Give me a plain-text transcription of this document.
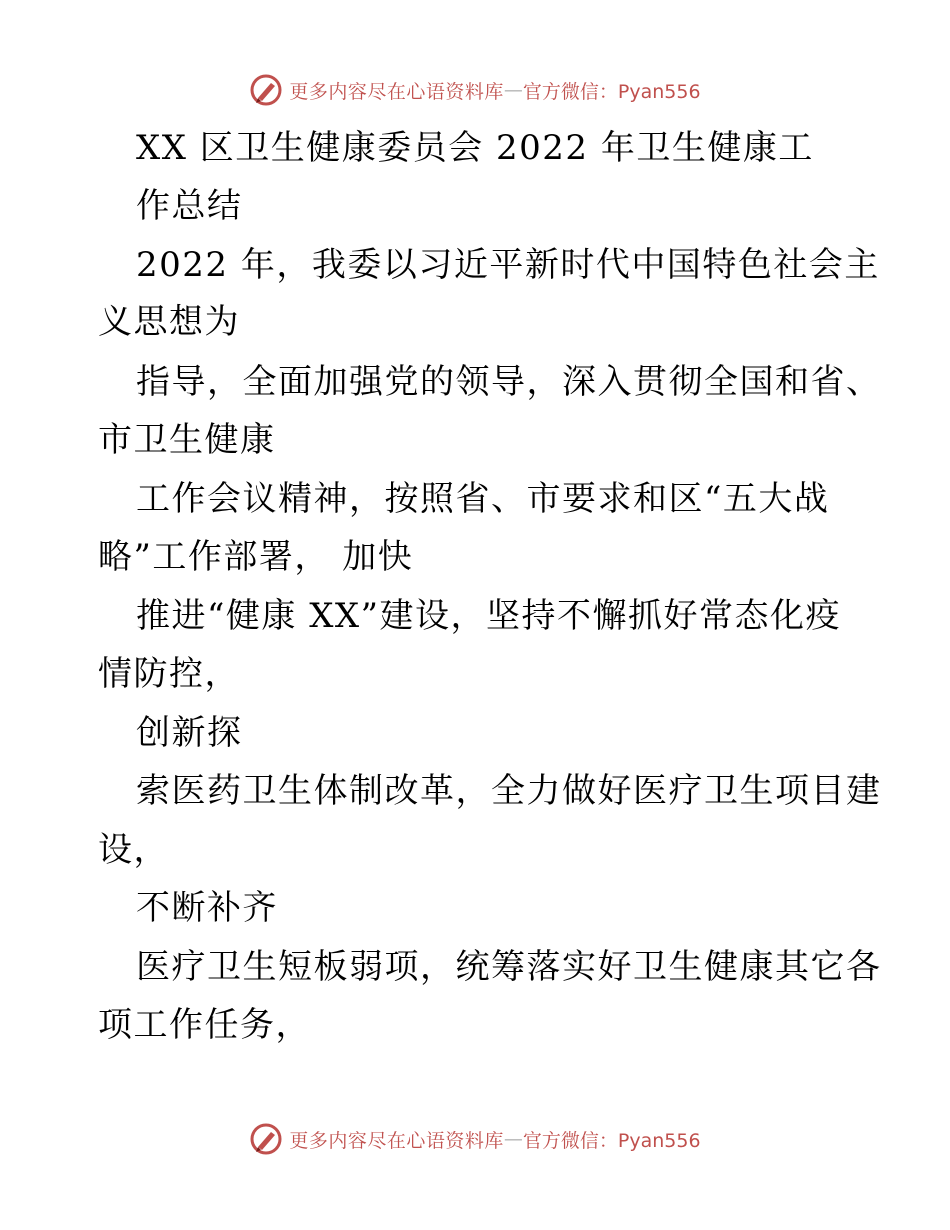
更多内容尽在心语资料库 — 官方微信：Pyan556
XX 区卫生健康委员会 2022 年卫生健康工
作总结
2022 年，我委以习近平新时代中国特色社会主
义思想为
指导，全面加强党的领导，深入贯彻全国和省、
市卫生健康
工作会议精神，按照省、市要求和区“五大战
略”工作部署， 加快
推进“健康 XX”建设，坚持不懈抓好常态化疫
情防控，
创新探
索医药卫生体制改革，全力做好医疗卫生项目建
设，
不断补齐
医疗卫生短板弱项，统筹落实好卫生健康其它各
项工作任务，
更多内容尽在心语资料库 — 官方微信：Pyan556
